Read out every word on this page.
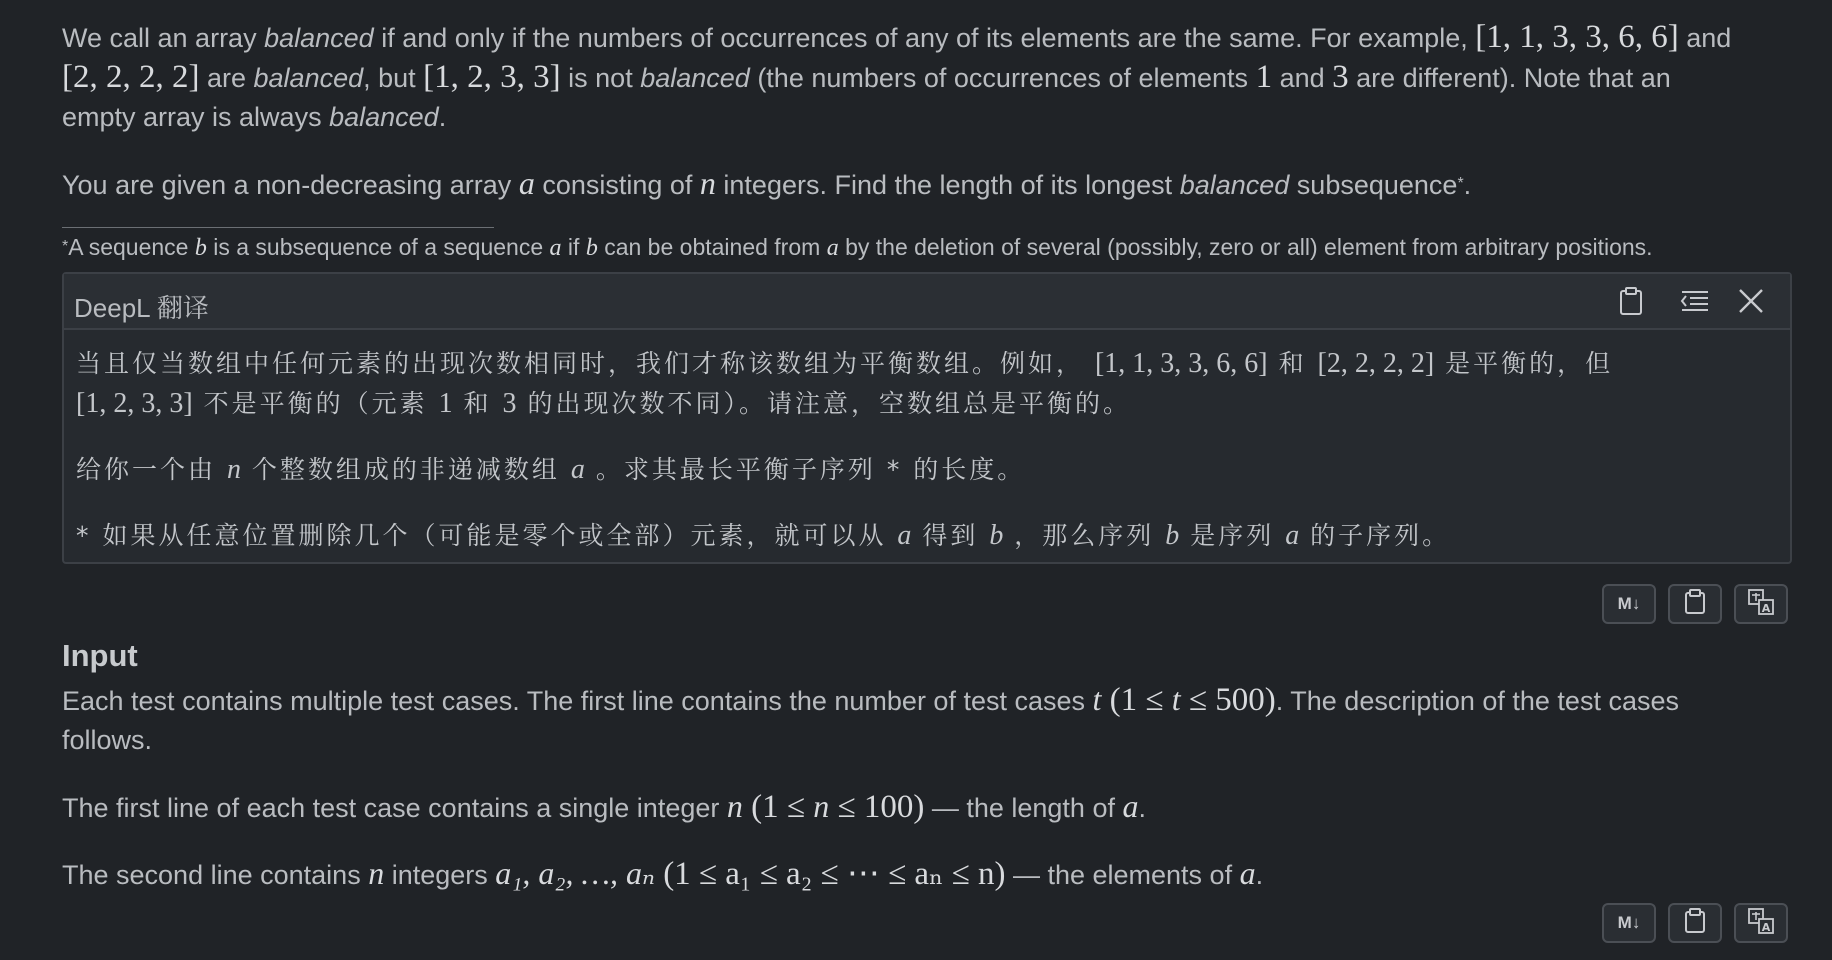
We call an array balanced if and only if the numbers of occurrences of any of its elements are the same. For example, [1, 1, 3, 3, 6, 6] and
[2, 2, 2, 2] are balanced, but [1, 2, 3, 3] is not balanced (the numbers of occurrences of elements 1 and 3 are different). Note that an
empty array is always balanced.

You are given a non-decreasing array a consisting of n integers. Find the length of its longest balanced subsequence*.

*A sequence b is a subsequence of a sequence a if b can be obtained from a by the deletion of several (possibly, zero or all) element from arbitrary positions.
DeepL 翻译

当且仅当数组中任何元素的出现次数相同时，我们才称该数组为平衡数组。例如， [1, 1, 3, 3, 6, 6] 和 [2, 2, 2, 2] 是平衡的，但
[1, 2, 3, 3] 不是平衡的（元素 1 和 3 的出现次数不同）。请注意，空数组总是平衡的。

给你一个由 n 个整数组成的非递减数组 a 。求其最长平衡子序列 * 的长度。

* 如果从任意位置删除几个（可能是零个或全部）元素，就可以从 a 得到 b ，那么序列 b 是序列 a 的子序列。

M↓	A
Input

Each test contains multiple test cases. The first line contains the number of test cases t (1 ≤ t ≤ 500). The description of the test cases
follows.

The first line of each test case contains a single integer n (1 ≤ n ≤ 100) — the length of a.

The second line contains n integers a₁, a₂, …, aₙ (1 ≤ a₁ ≤ a₂ ≤ ⋯ ≤ aₙ ≤ n) — the elements of a.

M↓	A
